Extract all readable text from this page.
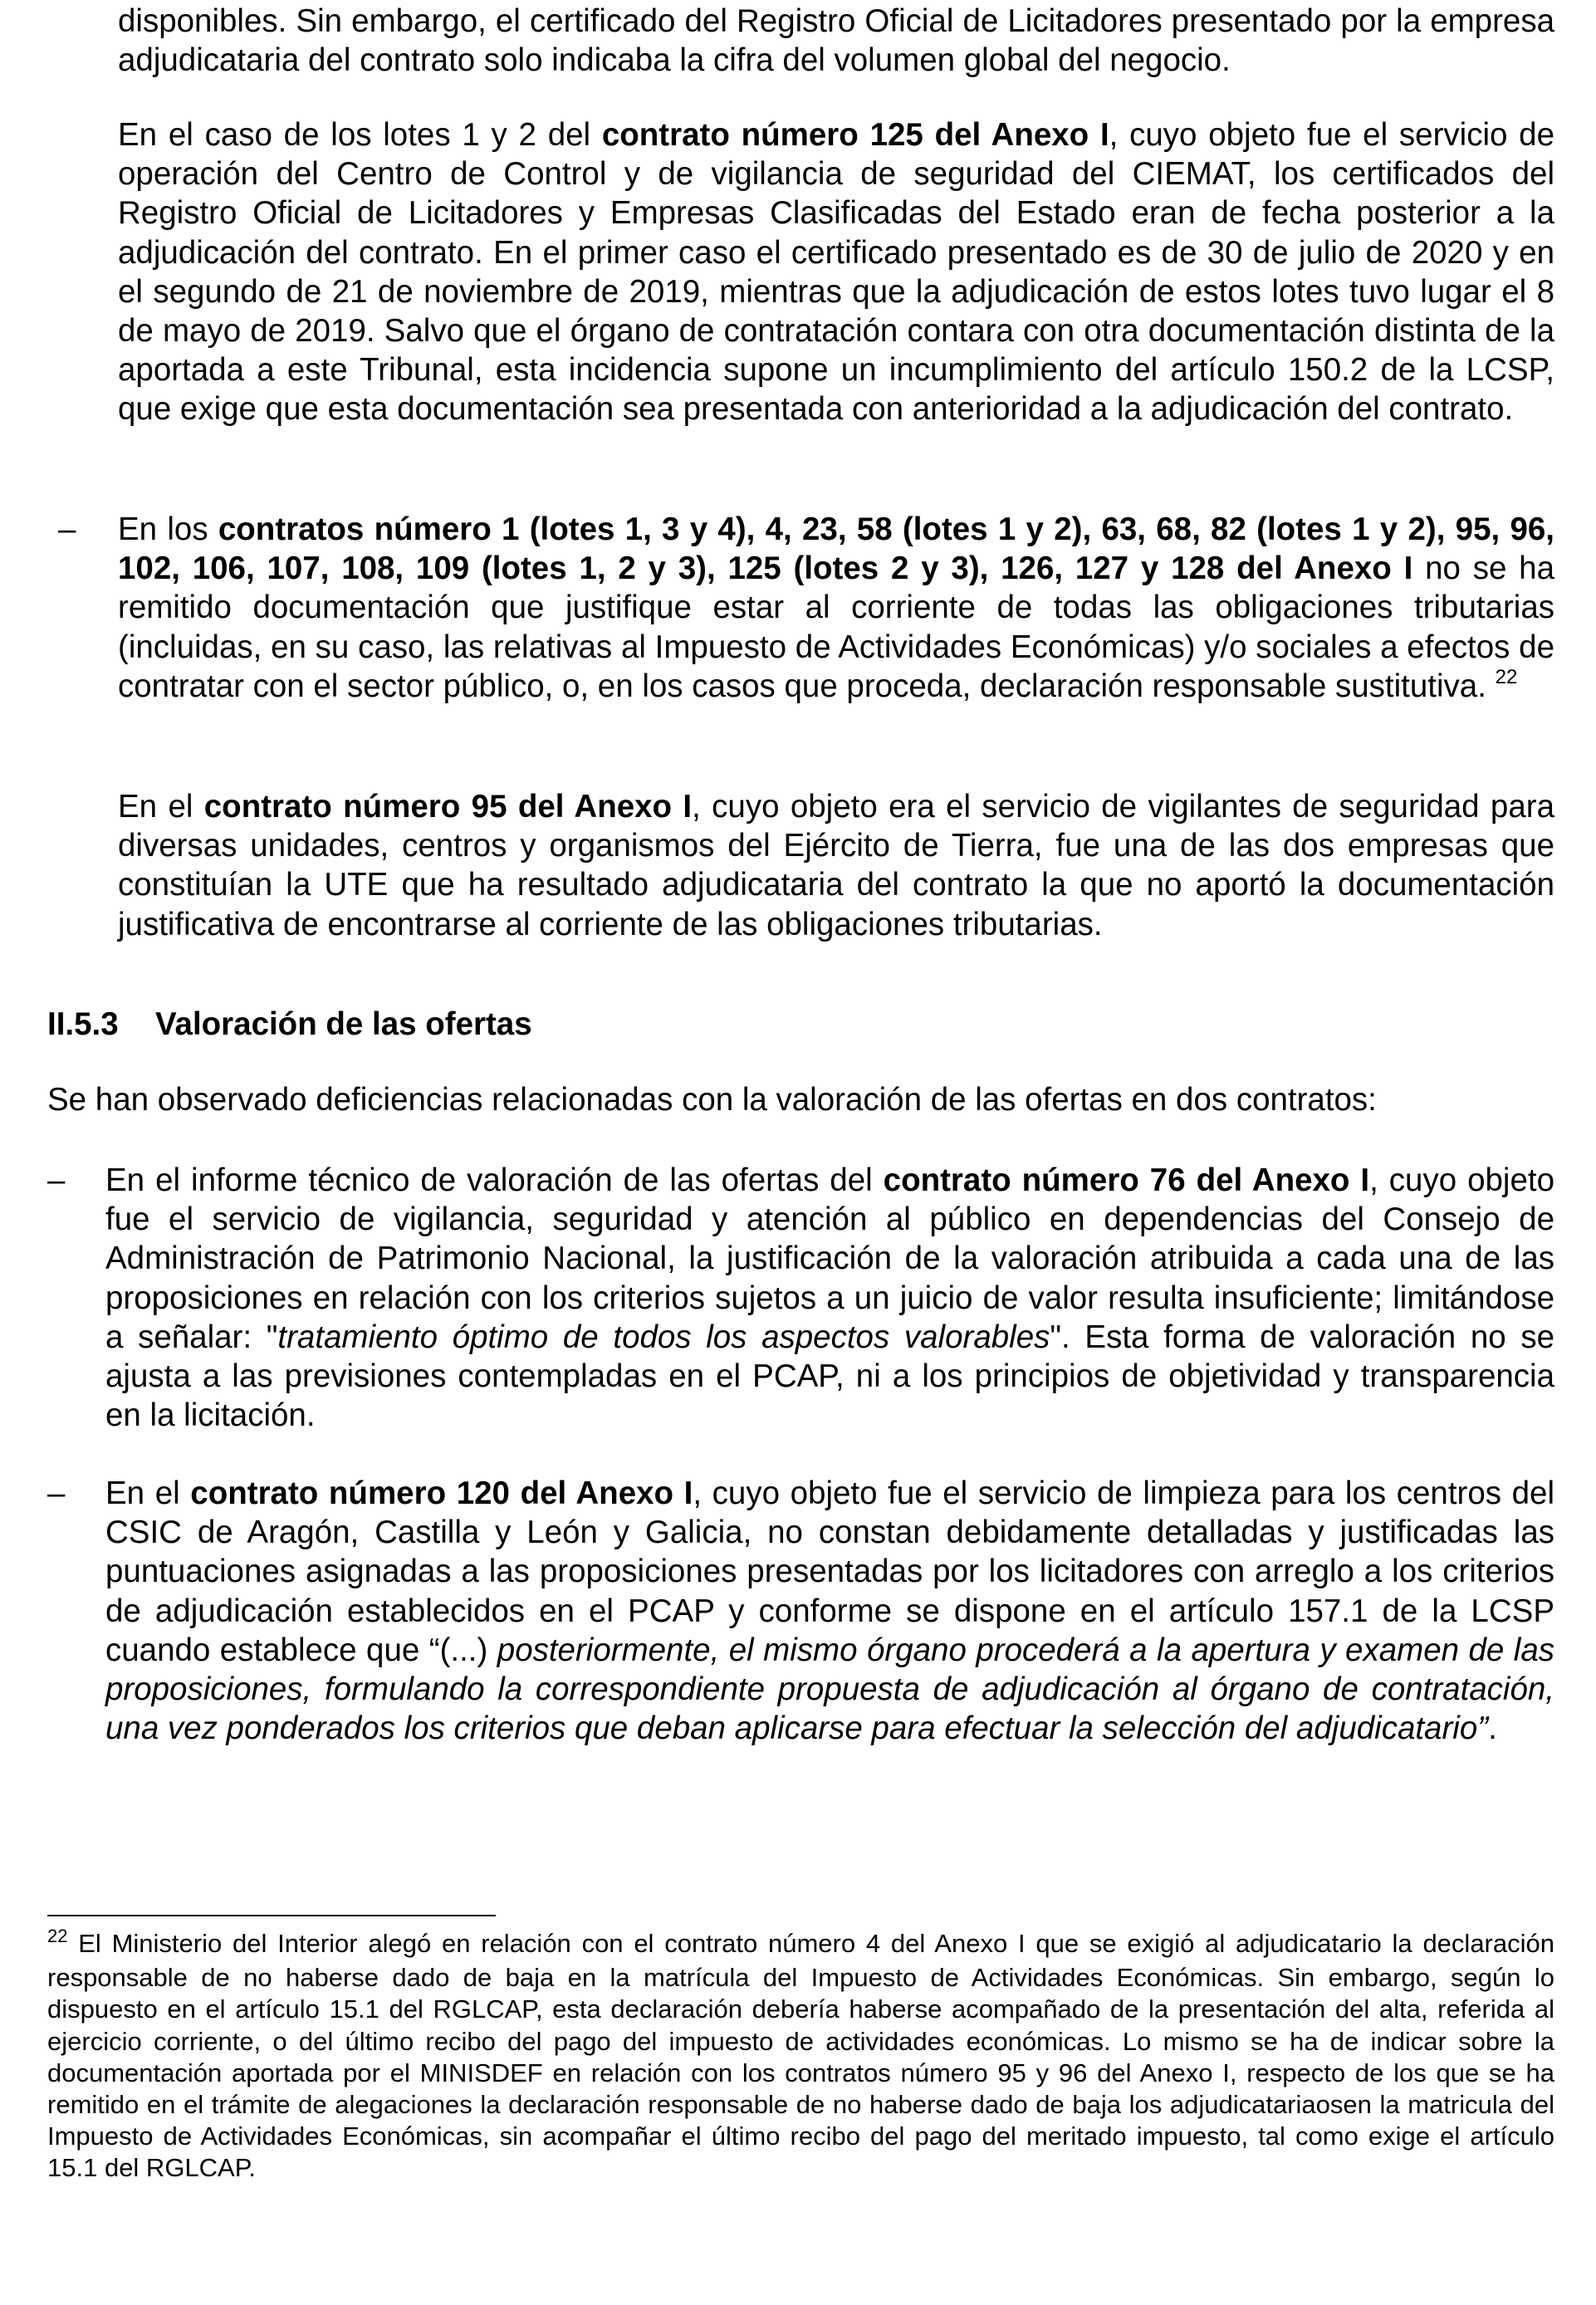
disponibles. Sin embargo, el certificado del Registro Oficial de Licitadores presentado por la empresa adjudicataria del contrato solo indicaba la cifra del volumen global del negocio.

En el caso de los lotes 1 y 2 del contrato número 125 del Anexo I, cuyo objeto fue el servicio de operación del Centro de Control y de vigilancia de seguridad del CIEMAT, los certificados del Registro Oficial de Licitadores y Empresas Clasificadas del Estado eran de fecha posterior a la adjudicación del contrato. En el primer caso el certificado presentado es de 30 de julio de 2020 y en el segundo de 21 de noviembre de 2019, mientras que la adjudicación de estos lotes tuvo lugar el 8 de mayo de 2019. Salvo que el órgano de contratación contara con otra documentación distinta de la aportada a este Tribunal, esta incidencia supone un incumplimiento del artículo 150.2 de la LCSP, que exige que esta documentación sea presentada con anterioridad a la adjudicación del contrato.

– En los contratos número 1 (lotes 1, 3 y 4), 4, 23, 58 (lotes 1 y 2), 63, 68, 82 (lotes 1 y 2), 95, 96, 102, 106, 107, 108, 109 (lotes 1, 2 y 3), 125 (lotes 2 y 3), 126, 127 y 128 del Anexo I no se ha remitido documentación que justifique estar al corriente de todas las obligaciones tributarias (incluidas, en su caso, las relativas al Impuesto de Actividades Económicas) y/o sociales a efectos de contratar con el sector público, o, en los casos que proceda, declaración responsable sustitutiva. $^{22}$

En el contrato número 95 del Anexo I, cuyo objeto era el servicio de vigilantes de seguridad para diversas unidades, centros y organismos del Ejército de Tierra, fue una de las dos empresas que constituían la UTE que ha resultado adjudicataria del contrato la que no aportó la documentación justificativa de encontrarse al corriente de las obligaciones tributarias.

II.5.3 Valoración de las ofertas

Se han observado deficiencias relacionadas con la valoración de las ofertas en dos contratos:

– En el informe técnico de valoración de las ofertas del contrato número 76 del Anexo I, cuyo objeto fue el servicio de vigilancia, seguridad y atención al público en dependencias del Consejo de Administración de Patrimonio Nacional, la justificación de la valoración atribuida a cada una de las proposiciones en relación con los criterios sujetos a un juicio de valor resulta insuficiente; limitándose a señalar: "tratamiento óptimo de todos los aspectos valorables". Esta forma de valoración no se ajusta a las previsiones contempladas en el PCAP, ni a los principios de objetividad y transparencia en la licitación.

– En el contrato número 120 del Anexo I, cuyo objeto fue el servicio de limpieza para los centros del CSIC de Aragón, Castilla y León y Galicia, no constan debidamente detalladas y justificadas las puntuaciones asignadas a las proposiciones presentadas por los licitadores con arreglo a los criterios de adjudicación establecidos en el PCAP y conforme se dispone en el artículo 157.1 de la LCSP cuando establece que “(...) posteriormente, el mismo órgano procederá a la apertura y examen de las proposiciones, formulando la correspondiente propuesta de adjudicación al órgano de contratación, una vez ponderados los criterios que deban aplicarse para efectuar la selección del adjudicatario”.

$^{22}$ El Ministerio del Interior alegó en relación con el contrato número 4 del Anexo I que se exigió al adjudicatario la declaración responsable de no haberse dado de baja en la matrícula del Impuesto de Actividades Económicas. Sin embargo, según lo dispuesto en el artículo 15.1 del RGLCAP, esta declaración debería haberse acompañado de la presentación del alta, referida al ejercicio corriente, o del último recibo del pago del impuesto de actividades económicas. Lo mismo se ha de indicar sobre la documentación aportada por el MINISDEF en relación con los contratos número 95 y 96 del Anexo I, respecto de los que se ha remitido en el trámite de alegaciones la declaración responsable de no haberse dado de baja los adjudicatariaosen la matricula del Impuesto de Actividades Económicas, sin acompañar el último recibo del pago del meritado impuesto, tal como exige el artículo 15.1 del RGLCAP.
